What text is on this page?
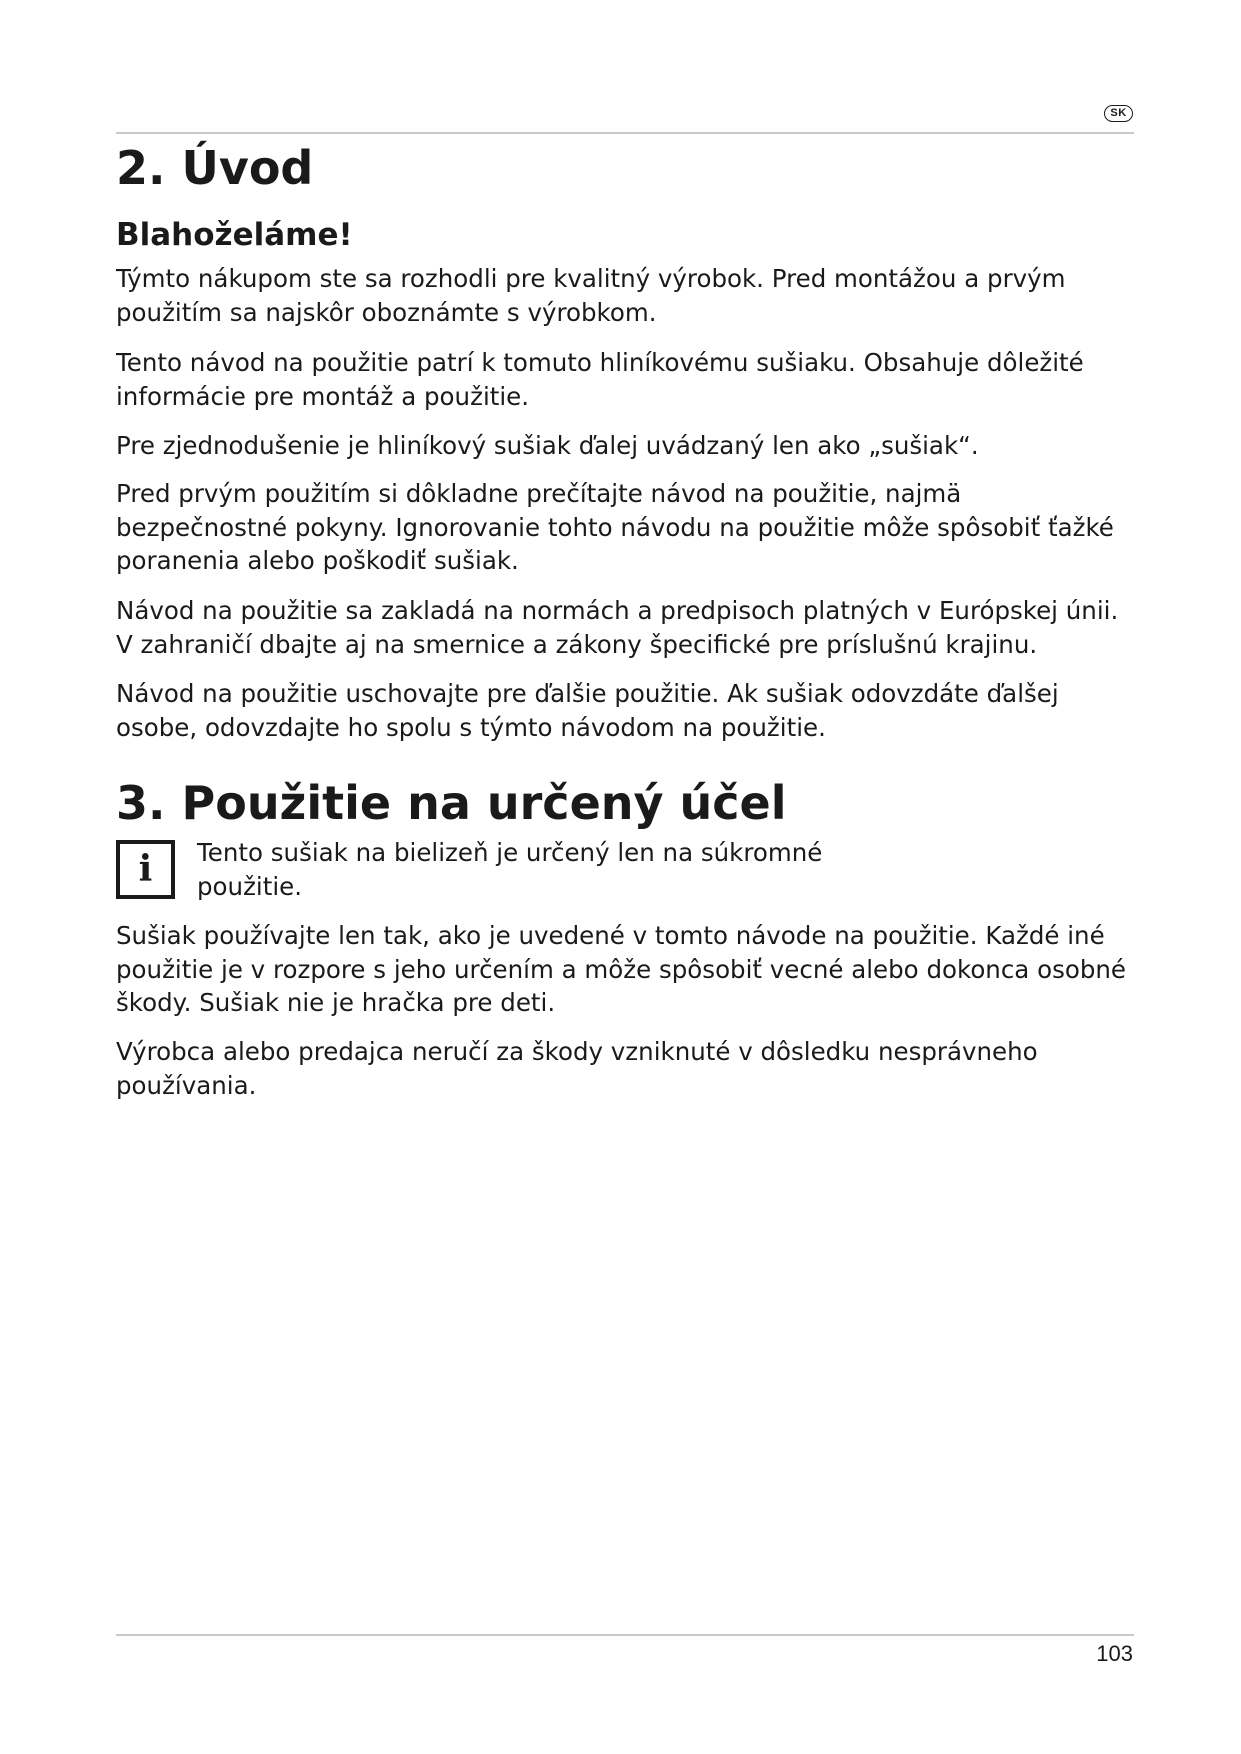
SK
2. Úvod
Blahoželáme!

Týmto nákupom ste sa rozhodli pre kvalitný výrobok. Pred montážou a prvým použitím sa najskôr oboznámte s výrobkom.

Tento návod na použitie patrí k tomuto hliníkovému sušiaku. Obsahuje dôležité informácie pre montáž a použitie.

Pre zjednodušenie je hliníkový sušiak ďalej uvádzaný len ako „sušiak“.

Pred prvým použitím si dôkladne prečítajte návod na použitie, najmä bezpečnostné pokyny. Ignorovanie tohto návodu na použitie môže spôsobiť ťažké poranenia alebo poškodiť sušiak.

Návod na použitie sa zakladá na normách a predpisoch platných v Európskej únii. V zahraničí dbajte aj na smernice a zákony špecifické pre príslušnú krajinu.

Návod na použitie uschovajte pre ďalšie použitie. Ak sušiak odovzdáte ďalšej osobe, odovzdajte ho spolu s týmto návodom na použitie.

3. Použitie na určený účel
i	Tento sušiak na bielizeň je určený len na súkromné použitie.

Sušiak používajte len tak, ako je uvedené v tomto návode na použitie. Každé iné použitie je v rozpore s jeho určením a môže spôsobiť vecné alebo dokonca osobné škody. Sušiak nie je hračka pre deti.

Výrobca alebo predajca neručí za škody vzniknuté v dôsledku nesprávneho používania.

103
